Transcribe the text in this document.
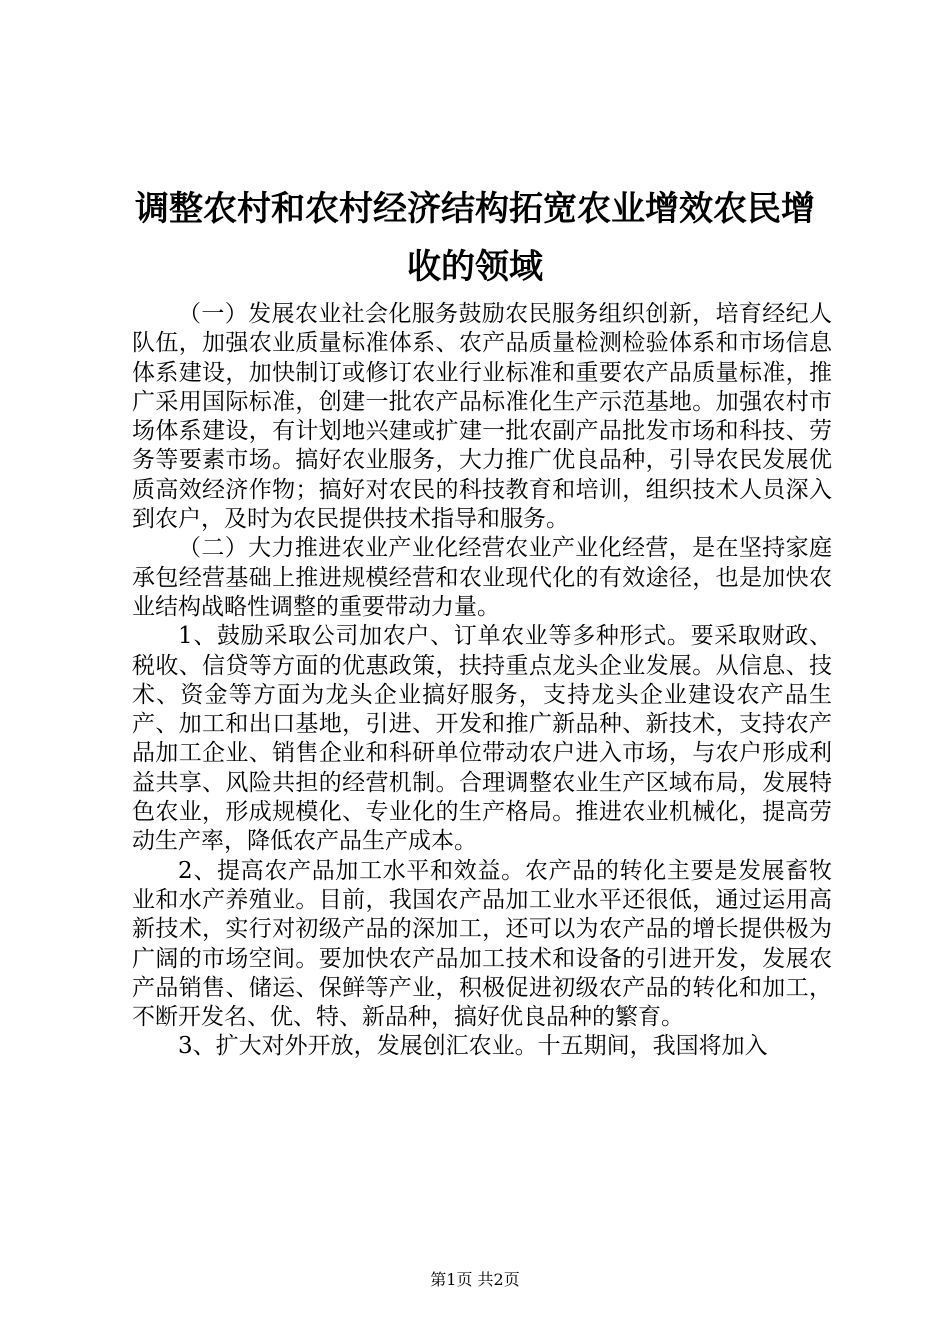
调整农村和农村经济结构拓宽农业增效农民增
收的领域

（一）发展农业社会化服务鼓励农民服务组织创新，培育经纪人队伍，加强农业质量标准体系、农产品质量检测检验体系和市场信息体系建设，加快制订或修订农业行业标准和重要农产品质量标准，推广采用国际标准，创建一批农产品标准化生产示范基地。加强农村市场体系建设，有计划地兴建或扩建一批农副产品批发市场和科技、劳务等要素市场。搞好农业服务，大力推广优良品种，引导农民发展优质高效经济作物；搞好对农民的科技教育和培训，组织技术人员深入到农户，及时为农民提供技术指导和服务。

（二）大力推进农业产业化经营农业产业化经营，是在坚持家庭承包经营基础上推进规模经营和农业现代化的有效途径，也是加快农业结构战略性调整的重要带动力量。

1、鼓励采取公司加农户、订单农业等多种形式。要采取财政、税收、信贷等方面的优惠政策，扶持重点龙头企业发展。从信息、技术、资金等方面为龙头企业搞好服务，支持龙头企业建设农产品生产、加工和出口基地，引进、开发和推广新品种、新技术，支持农产品加工企业、销售企业和科研单位带动农户进入市场，与农户形成利益共享、风险共担的经营机制。合理调整农业生产区域布局，发展特色农业，形成规模化、专业化的生产格局。推进农业机械化，提高劳动生产率，降低农产品生产成本。

2、提高农产品加工水平和效益。农产品的转化主要是发展畜牧业和水产养殖业。目前，我国农产品加工业水平还很低，通过运用高新技术，实行对初级产品的深加工，还可以为农产品的增长提供极为广阔的市场空间。要加快农产品加工技术和设备的引进开发，发展农产品销售、储运、保鲜等产业，积极促进初级农产品的转化和加工，不断开发名、优、特、新品种，搞好优良品种的繁育。

3、扩大对外开放，发展创汇农业。十五期间，我国将加入

第1页 共2页
